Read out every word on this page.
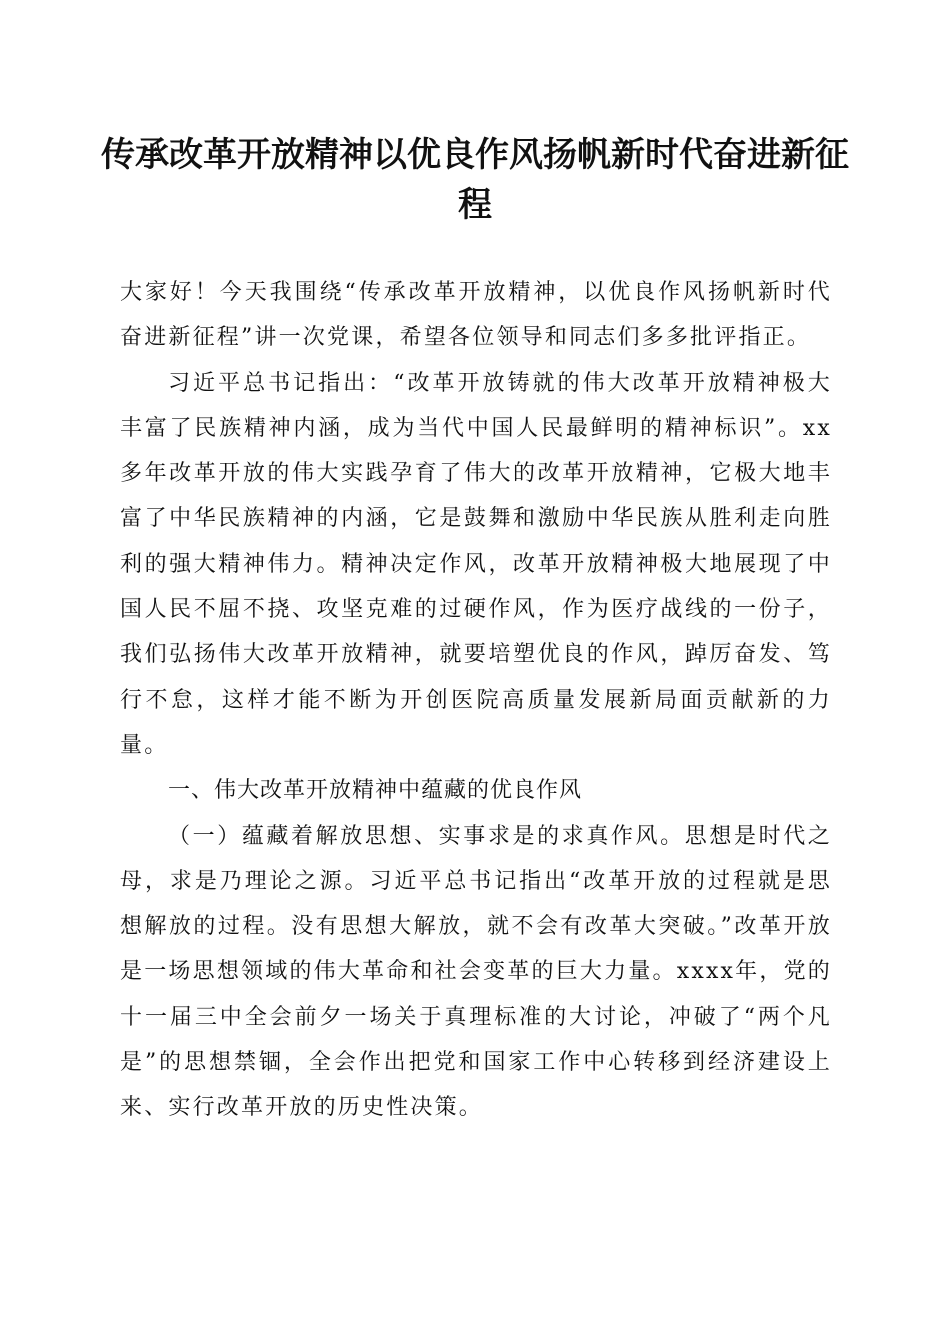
传承改革开放精神以优良作风扬帆新时代奋进新征程

大家好！今天我围绕“传承改革开放精神，以优良作风扬帆新时代奋进新征程”讲一次党课，希望各位领导和同志们多多批评指正。

习近平总书记指出：“改革开放铸就的伟大改革开放精神极大丰富了民族精神内涵，成为当代中国人民最鲜明的精神标识”。xx多年改革开放的伟大实践孕育了伟大的改革开放精神，它极大地丰富了中华民族精神的内涵，它是鼓舞和激励中华民族从胜利走向胜利的强大精神伟力。精神决定作风，改革开放精神极大地展现了中国人民不屈不挠、攻坚克难的过硬作风，作为医疗战线的一份子，我们弘扬伟大改革开放精神，就要培塑优良的作风，踔厉奋发、笃行不怠，这样才能不断为开创医院高质量发展新局面贡献新的力量。

一、伟大改革开放精神中蕴藏的优良作风

（一）蕴藏着解放思想、实事求是的求真作风。思想是时代之母，求是乃理论之源。习近平总书记指出“改革开放的过程就是思想解放的过程。没有思想大解放，就不会有改革大突破。”改革开放是一场思想领域的伟大革命和社会变革的巨大力量。xxxx年，党的十一届三中全会前夕一场关于真理标准的大讨论，冲破了“两个凡是”的思想禁锢，全会作出把党和国家工作中心转移到经济建设上来、实行改革开放的历史性决策。
